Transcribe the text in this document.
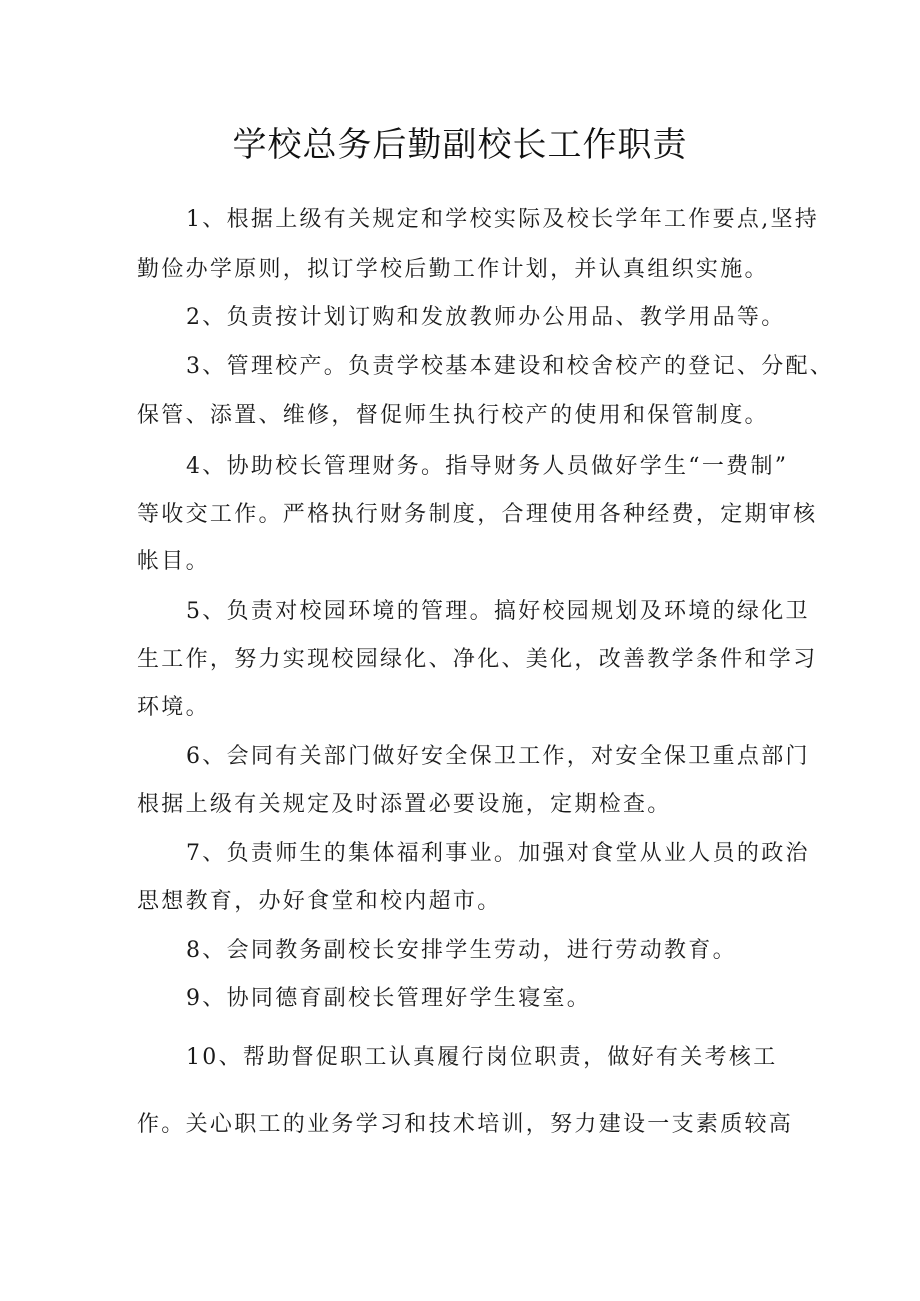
学校总务后勤副校长工作职责
1、根据上级有关规定和学校实际及校长学年工作要点,坚持
勤俭办学原则，拟订学校后勤工作计划，并认真组织实施。
2、负责按计划订购和发放教师办公用品、教学用品等。
3、管理校产。负责学校基本建设和校舍校产的登记、分配、
保管、添置、维修，督促师生执行校产的使用和保管制度。
4、协助校长管理财务。指导财务人员做好学生“一费制”
等收交工作。严格执行财务制度，合理使用各种经费，定期审核
帐目。
5、负责对校园环境的管理。搞好校园规划及环境的绿化卫
生工作，努力实现校园绿化、净化、美化，改善教学条件和学习
环境。
6、会同有关部门做好安全保卫工作，对安全保卫重点部门
根据上级有关规定及时添置必要设施，定期检查。
7、负责师生的集体福利事业。加强对食堂从业人员的政治
思想教育，办好食堂和校内超市。
8、会同教务副校长安排学生劳动，进行劳动教育。
9、协同德育副校长管理好学生寝室。
10、帮助督促职工认真履行岗位职责，做好有关考核工
作。关心职工的业务学习和技术培训，努力建设一支素质较高
